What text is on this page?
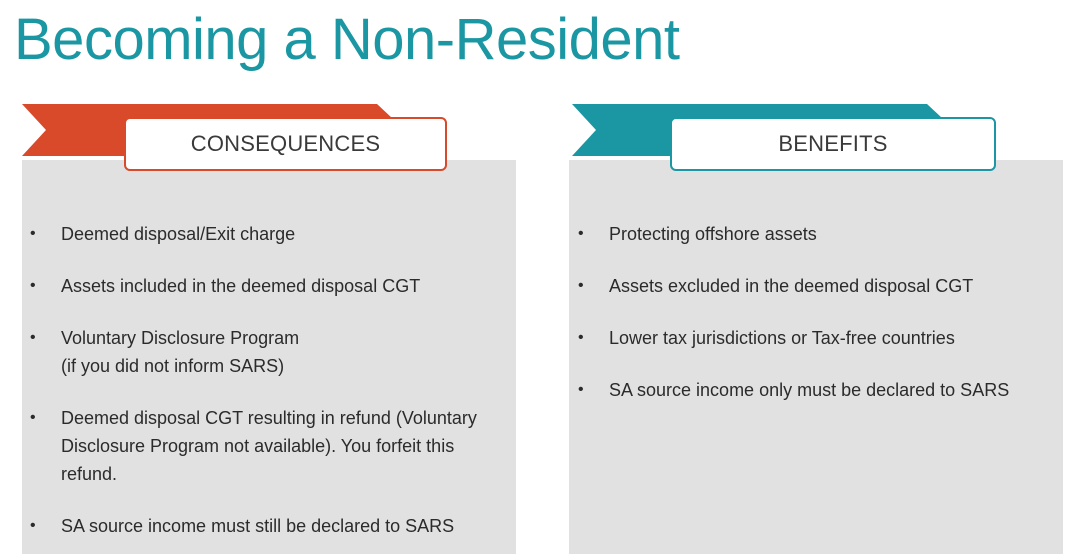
Becoming a Non-Resident
CONSEQUENCES
• Deemed disposal/Exit charge
• Assets included in the deemed disposal CGT
• Voluntary Disclosure Program
(if you did not inform SARS)
• Deemed disposal CGT resulting in refund (Voluntary
Disclosure Program not available). You forfeit this
refund.
• SA source income must still be declared to SARS
BENEFITS
• Protecting offshore assets
• Assets excluded in the deemed disposal CGT
• Lower tax jurisdictions or Tax-free countries
• SA source income only must be declared to SARS
